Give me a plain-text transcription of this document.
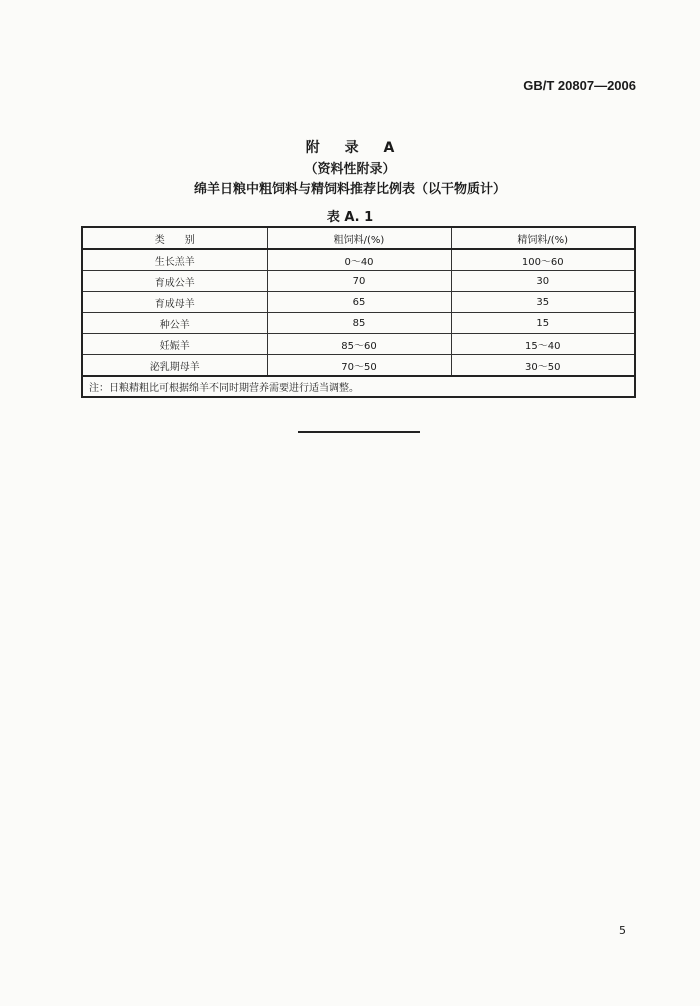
GB/T 20807—2006
附 录 A
（资料性附录）
绵羊日粮中粗饲料与精饲料推荐比例表（以干物质计）
表 A. 1
类　　别	粗饲料/(%)	精饲料/(%)
生长羔羊	0～40	100～60
育成公羊	70	30
育成母羊	65	35
种公羊	85	15
妊娠羊	85～60	15～40
泌乳期母羊	70～50	30～50
注：日粮精粗比可根据绵羊不同时期营养需要进行适当调整。		
5
